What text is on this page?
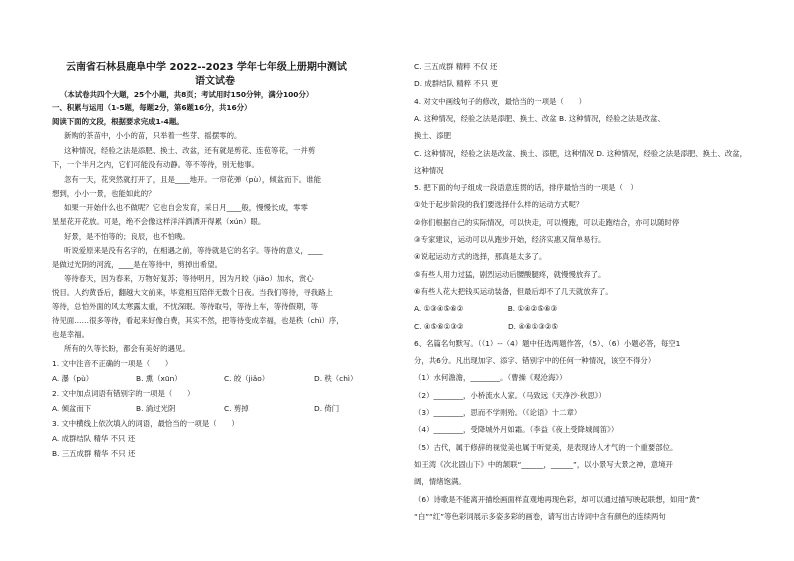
云南省石林县鹿阜中学 2022--2023 学年七年级上册期中测试
语文试卷
（本试卷共四个大题，25个小题，共8页；考试用时150分钟，满分100分）
一、积累与运用（1-5题，每题2分，第6题16分，共16分）
阅读下面的文段，根据要求完成1-4题。
新购的茶苗中，小小的苗，只举着一些芽、摇摆零的。
这种情况，经验之法是添肥、换土、改盆，还有就是剪花、连苞等花，一并剪
下，一个半月之内，它们可能没有动静。等不等待，别无他事。
忽有一天，花突然就打开了，且是____地开。一帘花弹（pù），倾盆而下。谁能
想到，小小一景，也能如此的？
如果一开始什么也不做呢？它也自会发育，采日月____般，慢慢长成，零零
星星花开花放。可是，绝不会像这样洋洋洒洒开得累（xún）眼。
好景，是不怕等的；良辰，也不怕晚。
听说爱原来是没有名字的，在相遇之前，等待就是它的名字。等待的意义，____
是做过光阴的河流，____是在等待中，剪掉出希望。
等待春天，因为春来，万物好复苏；等待明月，因为月皎（jiǎo）加水，赏心
悦目。人约黄昏后，翻越大文前来，毕竟相互陪伴无数个日夜。当我们等待，寻我路上
等待，总怕外面的风太寒露太重，不忧深眠。等待取号，等待上车，等待假期，等
待见面……很多等待，看起来好像白费，其实不然，把等待变成幸福，也是秩（chì）序，
也是幸福。
所有的久等长盼，都会有美好的遇见。
1. 文中注音不正确的一项是（　　）
A. 瀑（pù）	B. 熏（xūn）	C. 皎（jiǎo）	D. 秩（chì）
2. 文中加点词语有错别字的一项是（　　）
A. 倾盆而下	B. 淌过光阴	C. 剪掉	D. 倚门
3. 文中横线上依次填入的词语，最恰当的一项是（　　）
A. 成群结队 精华 不只 还
B. 三五成群 精华 不只 还
C. 三五成群 精粹 不仅 还
D. 成群结队 精粹 不只 更
4. 对文中画线句子的修改，最恰当的一项是（　　）
A. 这种情况，经验之法是添肥、换土、改盆 B. 这种情况，经验之法是改盆、
换土、添肥
C. 这种情况，经验之法是改盆、换土、添肥，这种情况 D. 这种情况，经验之法是添肥、换土、改盆，
这种情况
5. 把下面的句子组成一段语意连贯的话，排序最恰当的一项是（　）
①处于起步阶段的我们要选择什么样的运动方式呢？
②你们根据自己的实际情况，可以快走，可以慢跑，可以走跑结合，亦可以随时停
③专家建议，运动可以从跑步开始，经济实惠又简单易行。
④说起运动方式的选择，那真是太多了。
⑤有些人用力过猛，剧烈运动后腰酸腿疼，就慢慢放弃了。
⑥有些人花大把钱买运动装备，但最后却不了几天就放弃了。
A. ①③④⑤⑥②　　　　　　B. ①④②⑤⑥③
C. ④⑤⑥①③②　　　　　　D. ④⑥①③②⑤
6、名篇名句默写。（（1）--（4）题中任选两题作答，（5）、（6）小题必答，每空1
分，共6分。凡出现加字、添字、错别字中的任何一种情况，该空不得分）
（1）水何澹澹，________。（曹操《观沧海》）
（2）________，小桥流水人家。（马致远《天净沙·秋思》）
（3）________，思而不学则殆。（《论语》十二章）
（4）________，受降城外月如霜。（李益《夜上受降城闻笛》）
（5）古代，属于修辞的视觉美也属于听觉美，是表现诗人才气的一个重要部位。
如王湾《次北固山下》中的颔联“______，______”，以小景写大景之神，意境开
阔，情绪饱满。
（6）诗歌是不能离开描绘画面样直观地再现色彩，却可以通过描写映起联想，如用“黄”
“白”“红”等色彩词展示多姿多彩的画卷，请写出古诗词中含有颜色的连续两句
